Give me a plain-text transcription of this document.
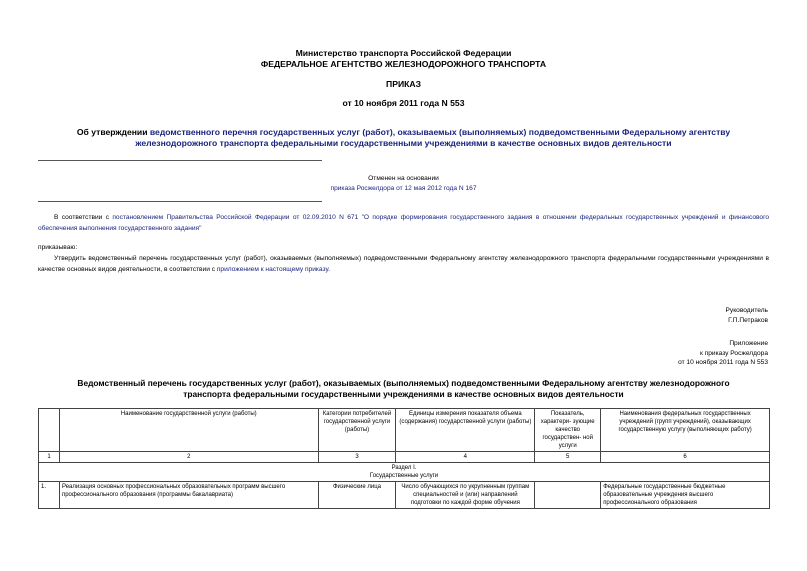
Министерство транспорта Российской Федерации
ФЕДЕРАЛЬНОЕ АГЕНТСТВО ЖЕЛЕЗНОДОРОЖНОГО ТРАНСПОРТА
ПРИКАЗ
от 10 ноября 2011 года N 553
Об утверждении ведомственного перечня государственных услуг (работ), оказываемых (выполняемых) подведомственными Федеральному агентству
железнодорожного транспорта федеральными государственными учреждениями в качестве основных видов деятельности
Отменен на основании
приказа Росжелдора от 12 мая 2012 года N 167
В соответствии с постановлением Правительства Российской Федерации от 02.09.2010 N 671 "О порядке формирования государственного задания в отношении федеральных государственных учреждений и финансового обеспечения выполнения государственного задания"
приказываю:
Утвердить ведомственный перечень государственных услуг (работ), оказываемых (выполняемых) подведомственными Федеральному агентству железнодорожного транспорта федеральными государственными учреждениями в качестве основных видов деятельности, в соответствии с приложением к настоящему приказу.
Руководитель
Г.П.Петраков
Приложение
к приказу Росжелдора
от 10 ноября 2011 года N 553
Ведомственный перечень государственных услуг (работ), оказываемых (выполняемых) подведомственными Федеральному агентству железнодорожного
транспорта федеральными государственными учреждениями в качестве основных видов деятельности
	Наименование государственной услуги (работы)	Категории потребителей государственной услуги (работы)	Единицы измерения показателя объема (содержания) государственной услуги (работы)	Показатель, характери- зующие качество государствен- ной услуги	Наименования федеральных государственных учреждений (групп учреждений), оказывающих государственную услугу (выполняющих работу)
1	2	3	4	5	6

Раздел I.
Государственные услуги					

1.	Реализация основных профессиональных образовательных программ высшего профессионального образования (программы бакалавриата)	Физические лица	Число обучающихся по укрупненным группам специальностей и (или) направлений подготовки по каждой форме обучения		Федеральные государственные бюджетные образовательные учреждения высшего профессионального образования
